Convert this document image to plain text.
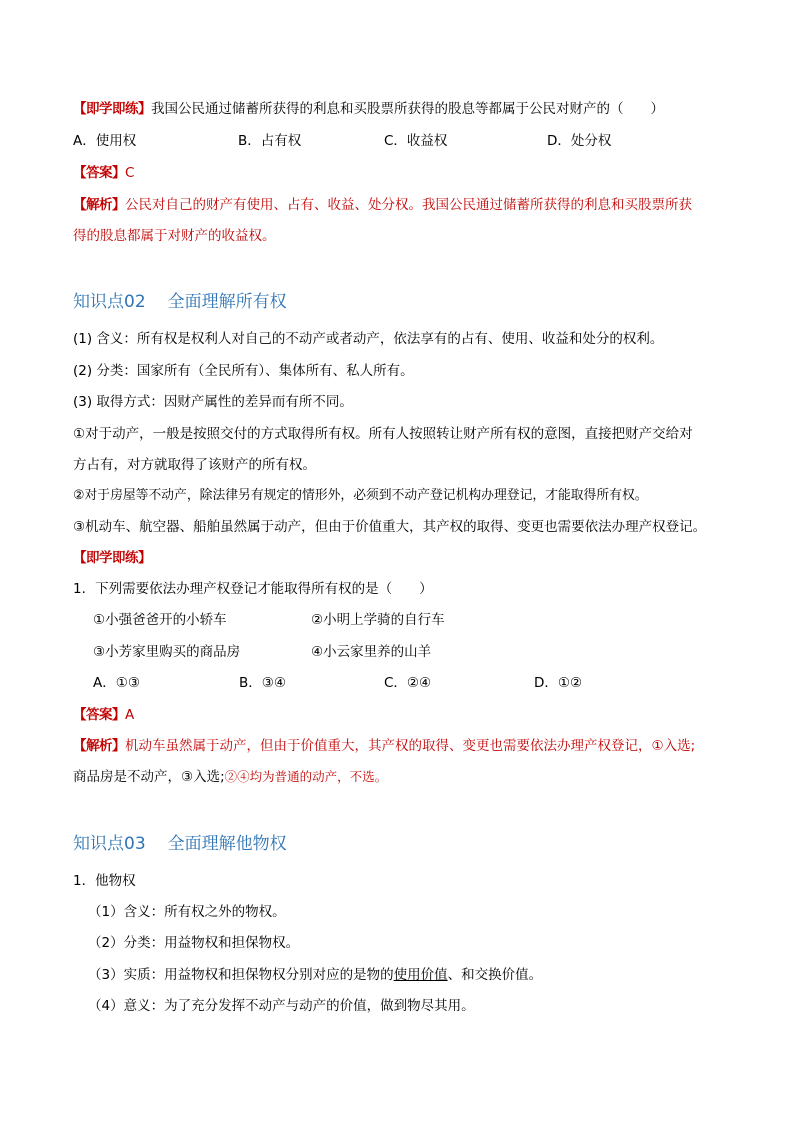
【即学即练】我国公民通过储蓄所获得的利息和买股票所获得的股息等都属于公民对财产的（　　）
A．使用权	B．占有权	C．收益权	D．处分权
【答案】C
【解析】公民对自己的财产有使用、占有、收益、处分权。我国公民通过储蓄所获得的利息和买股票所获
得的股息都属于对财产的收益权。
知识点02 全面理解所有权
(1) 含义：所有权是权利人对自己的不动产或者动产，依法享有的占有、使用、收益和处分的权利。
(2) 分类：国家所有（全民所有）、集体所有、私人所有。
(3) 取得方式：因财产属性的差异而有所不同。
①对于动产，一般是按照交付的方式取得所有权。所有人按照转让财产所有权的意图，直接把财产交给对
方占有，对方就取得了该财产的所有权。
②对于房屋等不动产，除法律另有规定的情形外，必须到不动产登记机构办理登记，才能取得所有权。
③机动车、航空器、船舶虽然属于动产，但由于价值重大，其产权的取得、变更也需要依法办理产权登记。
【即学即练】
1．下列需要依法办理产权登记才能取得所有权的是（　　）
①小强爸爸开的小轿车	②小明上学骑的自行车
③小芳家里购买的商品房	④小云家里养的山羊
A．①③	B．③④	C．②④	D．①②
【答案】A
【解析】机动车虽然属于动产，但由于价值重大，其产权的取得、变更也需要依法办理产权登记，①入选;
商品房是不动产，③入选;②④均为普通的动产，不选。
知识点03 全面理解他物权
1．他物权
（1）含义：所有权之外的物权。
（2）分类：用益物权和担保物权。
（3）实质：用益物权和担保物权分别对应的是物的使用价值、和交换价值。
（4）意义：为了充分发挥不动产与动产的价值，做到物尽其用。
